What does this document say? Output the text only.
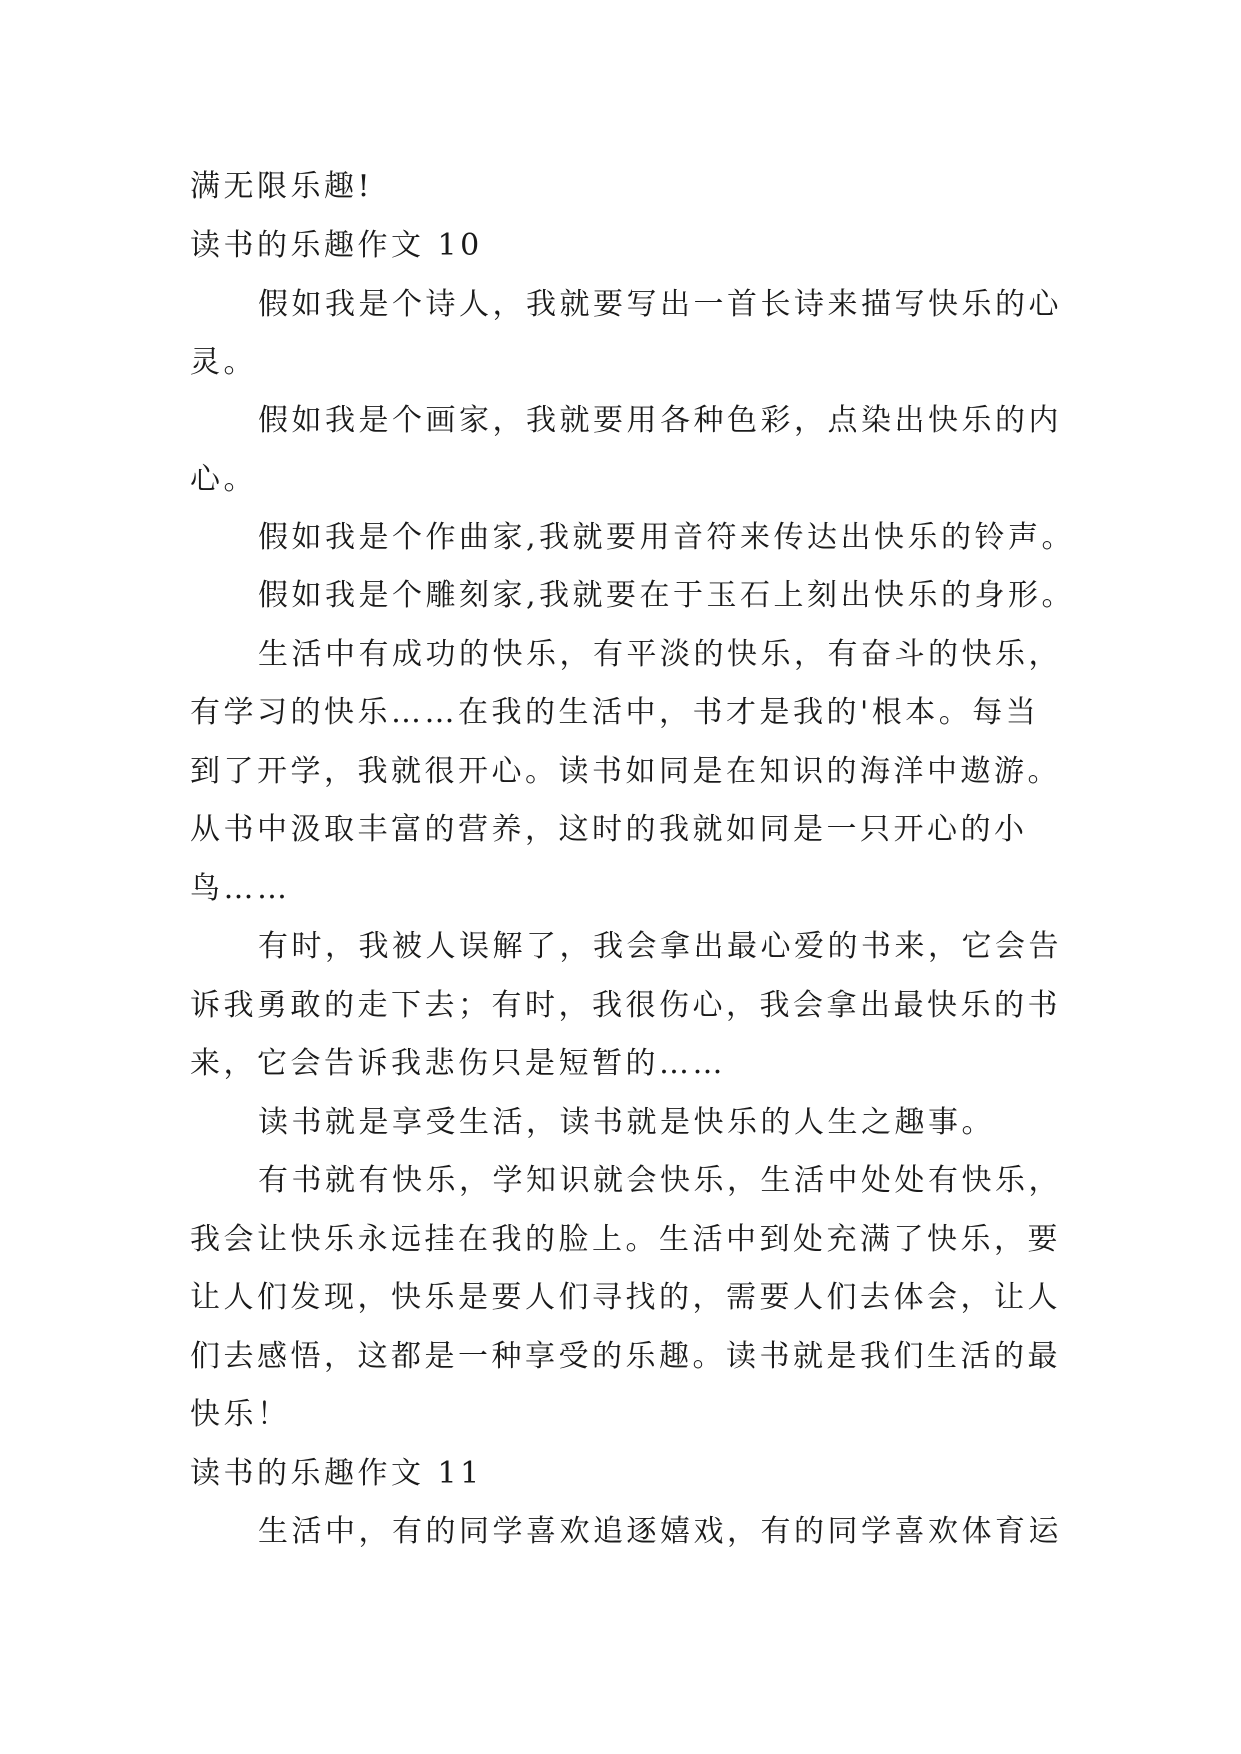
满无限乐趣!
读书的乐趣作文 10
假如我是个诗人，我就要写出一首长诗来描写快乐的心
灵。
假如我是个画家，我就要用各种色彩，点染出快乐的内
心。
假如我是个作曲家,我就要用音符来传达出快乐的铃声。
假如我是个雕刻家,我就要在于玉石上刻出快乐的身形。
生活中有成功的快乐，有平淡的快乐，有奋斗的快乐，
有学习的快乐……在我的生活中，书才是我的'根本。每当
到了开学，我就很开心。读书如同是在知识的海洋中遨游。
从书中汲取丰富的营养，这时的我就如同是一只开心的小
鸟……
有时，我被人误解了，我会拿出最心爱的书来，它会告
诉我勇敢的走下去；有时，我很伤心，我会拿出最快乐的书
来，它会告诉我悲伤只是短暂的……
读书就是享受生活，读书就是快乐的人生之趣事。
有书就有快乐，学知识就会快乐，生活中处处有快乐，
我会让快乐永远挂在我的脸上。生活中到处充满了快乐，要
让人们发现，快乐是要人们寻找的，需要人们去体会，让人
们去感悟，这都是一种享受的乐趣。读书就是我们生活的最
快乐！
读书的乐趣作文 11
生活中，有的同学喜欢追逐嬉戏，有的同学喜欢体育运
